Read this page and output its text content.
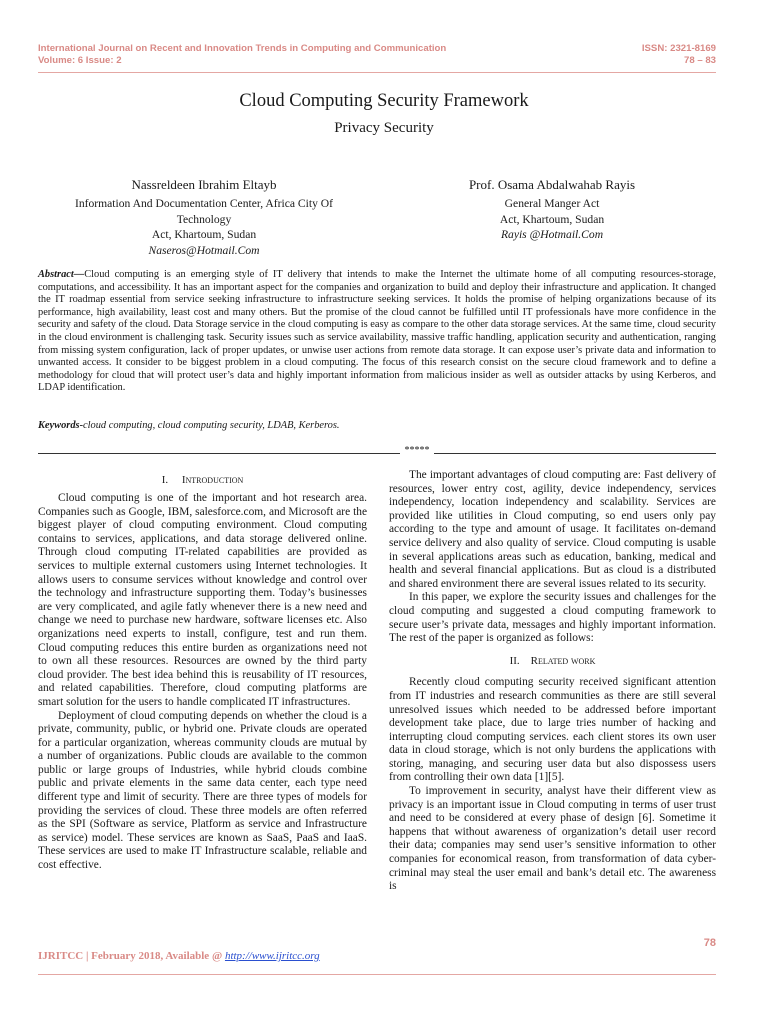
International Journal on Recent and Innovation Trends in Computing and Communication
Volume: 6 Issue: 2
ISSN: 2321-8169
78 – 83
Cloud Computing Security Framework
Privacy Security
Nassreldeen Ibrahim Eltayb
Information And Documentation Center, Africa City Of Technology
Act, Khartoum, Sudan
Naseros@Hotmail.Com
Prof. Osama Abdalwahab Rayis
General Manger Act
Act, Khartoum, Sudan
Rayis @Hotmail.Com
Abstract—Cloud computing is an emerging style of IT delivery that intends to make the Internet the ultimate home of all computing resources-storage, computations, and accessibility. It has an important aspect for the companies and organization to build and deploy their infrastructure and application. It changed the IT roadmap essential from service seeking infrastructure to infrastructure seeking services. It holds the promise of helping organizations because of its performance, high availability, least cost and many others. But the promise of the cloud cannot be fulfilled until IT professionals have more confidence in the security and safety of the cloud. Data Storage service in the cloud computing is easy as compare to the other data storage services. At the same time, cloud security in the cloud environment is challenging task. Security issues such as service availability, massive traffic handling, application security and authentication, ranging from missing system configuration, lack of proper updates, or unwise user actions from remote data storage. It can expose user’s private data and information to unwanted access. It consider to be biggest problem in a cloud computing. The focus of this research consist on the secure cloud framework and to define a methodology for cloud that will protect user’s data and highly important information from malicious insider as well as outsider attacks by using Kerberos, and LDAP identification.
Keywords-cloud computing, cloud computing security, LDAB, Kerberos.
*****
I. Introduction

Cloud computing is one of the important and hot research area. Companies such as Google, IBM, salesforce.com, and Microsoft are the biggest player of cloud computing environment. Cloud computing contains to services, applications, and data storage delivered online. Through cloud computing IT-related capabilities are provided as services to multiple external customers using Internet technologies. It allows users to consume services without knowledge and control over the technology and infrastructure supporting them. Today’s businesses are very complicated, and agile fatly whenever there is a new need and change we need to purchase new hardware, software licenses etc. Also organizations need experts to install, configure, test and run them. Cloud computing reduces this entire burden as organizations need not to own all these resources. Resources are owned by the third party cloud provider. The best idea behind this is reusability of IT resources, and related capabilities. Therefore, cloud computing platforms are smart solution for the users to handle complicated IT infrastructures.

Deployment of cloud computing depends on whether the cloud is a private, community, public, or hybrid one. Private clouds are operated for a particular organization, whereas community clouds are mutual by a number of organizations. Public clouds are available to the common public or large groups of Industries, while hybrid clouds combine public and private elements in the same data center, each type need different type and limit of security. There are three types of models for providing the services of cloud. These three models are often referred as the SPI (Software as service, Platform as service and Infrastructure as service) model. These services are known as SaaS, PaaS and IaaS. These services are used to make IT Infrastructure scalable, reliable and cost effective.

The important advantages of cloud computing are: Fast delivery of resources, lower entry cost, agility, device independency, services independency, location independency and scalability. Services are provided like utilities in Cloud computing, so end users only pay according to the type and amount of usage. It facilitates on-demand service delivery and also quality of service. Cloud computing is usable in several applications areas such as education, banking, medical and health and several financial applications. But as cloud is a distributed and shared environment there are several issues related to its security.

In this paper, we explore the security issues and challenges for the cloud computing and suggested a cloud computing framework to secure user’s private data, messages and highly important information. The rest of the paper is organized as follows:

II. Related work

Recently cloud computing security received significant attention from IT industries and research communities as there are still several unresolved issues which needed to be addressed before important development take place, due to large tries number of hacking and interrupting cloud computing services. each client stores its own user data in cloud storage, which is not only burdens the applications with storing, managing, and securing user data but also dispossess users from controlling their own data [1][5].

To improvement in security, analyst have their different view as privacy is an important issue in Cloud computing in terms of user trust and need to be considered at every phase of design [6]. Sometime it happens that without awareness of organization’s detail user record their data; companies may send user’s sensitive information to other companies for economical reason, from transformation of data cyber-criminal may steal the user email and bank’s detail etc. The awareness is

78
IJRITCC | February 2018, Available @ http://www.ijritcc.org
